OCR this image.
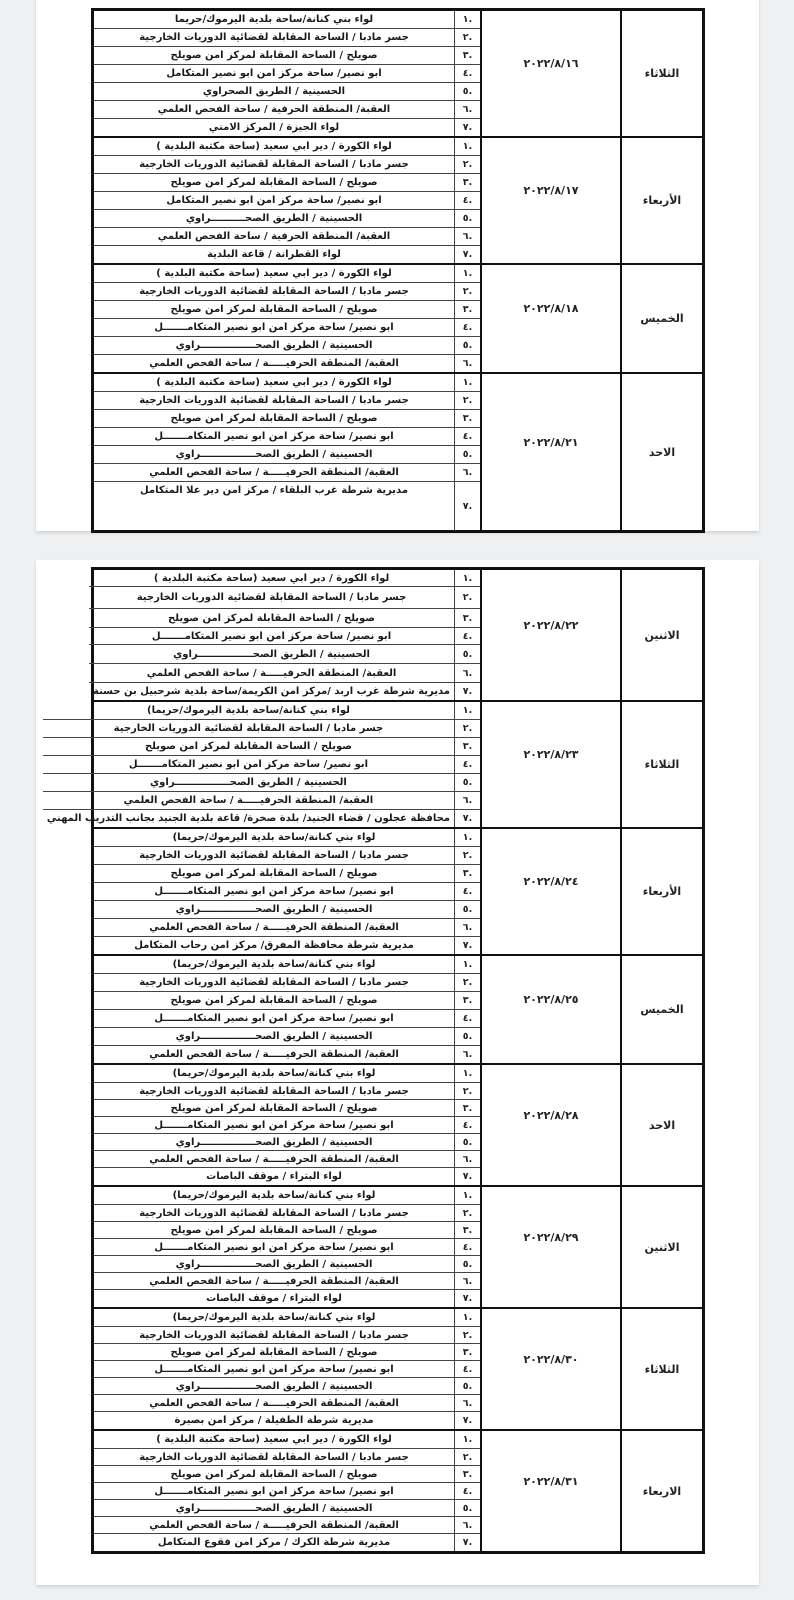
الثلاثاء
٢٠٢٢/٨/١٦
.١
لواء بني كنانة/ساحة بلدية اليرموك/حريما
.٢
جسر مادبا / الساحة المقابلة لقضائية الدوريات الخارجية
.٣
صويلح / الساحة المقابلة لمركز امن صويلح
.٤
ابو نصير/ ساحة مركز امن ابو نصير المتكامل
.٥
الحسينية / الطريق الصحراوي
.٦
العقبة/ المنطقة الحرفية / ساحة الفحص العلمي
.٧
لواء الجيزة / المركز الامني
الأربعاء
٢٠٢٢/٨/١٧
.١
لواء الكورة / دير ابي سعيد (ساحة مكتبة البلدية )
.٢
جسر مادبا / الساحة المقابلة لقضائية الدوريات الخارجية
.٣
صويلح / الساحة المقابلة لمركز امن صويلح
.٤
ابو نصير/ ساحة مركز امن ابو نصير المتكامل
.٥
الحسينية / الطريق الصحــــــــــراوي
.٦
العقبة/ المنطقة الحرفية / ساحة الفحص العلمي
.٧
لواء القطرانة / قاعة البلدية
الخميس
٢٠٢٢/٨/١٨
.١
لواء الكورة / دير ابي سعيد (ساحة مكتبة البلدية )
.٢
جسر مادبا / الساحة المقابلة لقضائية الدوريات الخارجية
.٣
صويلح / الساحة المقابلة لمركز امن صويلح
.٤
ابو نصير/ ساحة مركز امن ابو نصير المتكامـــــــل
.٥
الحسينية / الطريق الصحــــــــــــــــراوي
.٦
العقبة/ المنطقة الحرفيـــــة / ساحة الفحص العلمي
الاحد
٢٠٢٢/٨/٢١
.١
لواء الكورة / دير ابي سعيد (ساحة مكتبة البلدية )
.٢
جسر مادبا / الساحة المقابلة لقضائية الدوريات الخارجية
.٣
صويلح / الساحة المقابلة لمركز امن صويلح
.٤
ابو نصير/ ساحة مركز امن ابو نصير المتكامـــــــل
.٥
الحسينية / الطريق الصحــــــــــــــــراوي
.٦
العقبة/ المنطقة الحرفيـــــة / ساحة الفحص العلمي
.٧
مديرية شرطة غرب البلقاء / مركز امن دير علا المتكامل
الاثنين
٢٠٢٢/٨/٢٢
.١
لواء الكورة / دير ابي سعيد (ساحة مكتبة البلدية )
.٢
جسر مادبا / الساحة المقابلة لقضائية الدوريات الخارجية
.٣
صويلح / الساحة المقابلة لمركز امن صويلح
.٤
ابو نصير/ ساحة مركز امن ابو نصير المتكامـــــــل
.٥
الحسينية / الطريق الصحــــــــــــــــراوي
.٦
العقبة/ المنطقة الحرفيـــــة / ساحة الفحص العلمي
.٧
مديرية شرطة غرب اربد /مركز امن الكريمة/ساحة بلدية شرحبيل بن حسنة
الثلاثاء
٢٠٢٢/٨/٢٣
.١
لواء بني كنانة/ساحة بلدية اليرموك/حريما)
.٢
جسر مادبا / الساحة المقابلة لقضائية الدوريات الخارجية
.٣
صويلح / الساحة المقابلة لمركز امن صويلح
.٤
ابو نصير/ ساحة مركز امن ابو نصير المتكامـــــــل
.٥
الحسينية / الطريق الصحــــــــــــــــراوي
.٦
العقبة/ المنطقة الحرفيـــــة / ساحة الفحص العلمي
.٧
محافظة عجلون / قضاء الجنيد/ بلدة صخرة/ قاعة بلدية الجنيد بجانب التدريب المهني
الأربعاء
٢٠٢٢/٨/٢٤
.١
لواء بني كنانة/ساحة بلدية اليرموك/حريما)
.٢
جسر مادبا / الساحة المقابلة لقضائية الدوريات الخارجية
.٣
صويلح / الساحة المقابلة لمركز امن صويلح
.٤
ابو نصير/ ساحة مركز امن ابو نصير المتكامـــــــل
.٥
الحسينية / الطريق الصحــــــــــــــــراوي
.٦
العقبة/ المنطقة الحرفيـــــة / ساحة الفحص العلمي
.٧
مديرية شرطة محافظة المفرق/ مركز امن رحاب المتكامل
الخميس
٢٠٢٢/٨/٢٥
.١
لواء بني كنانة/ساحة بلدية اليرموك/حريما)
.٢
جسر مادبا / الساحة المقابلة لقضائية الدوريات الخارجية
.٣
صويلح / الساحة المقابلة لمركز امن صويلح
.٤
ابو نصير/ ساحة مركز امن ابو نصير المتكامـــــــل
.٥
الحسينية / الطريق الصحــــــــــــــــراوي
.٦
العقبة/ المنطقة الحرفيـــــة / ساحة الفحص العلمي
الاحد
٢٠٢٢/٨/٢٨
.١
لواء بني كنانة/ساحة بلدية اليرموك/حريما)
.٢
جسر مادبا / الساحة المقابلة لقضائية الدوريات الخارجية
.٣
صويلح / الساحة المقابلة لمركز امن صويلح
.٤
ابو نصير/ ساحة مركز امن ابو نصير المتكامـــــــل
.٥
الحسينية / الطريق الصحــــــــــــــــراوي
.٦
العقبة/ المنطقة الحرفيـــــة / ساحة الفحص العلمي
.٧
لواء البتراء / موقف الباصات
الاثنين
٢٠٢٢/٨/٢٩
.١
لواء بني كنانة/ساحة بلدية اليرموك/حريما)
.٢
جسر مادبا / الساحة المقابلة لقضائية الدوريات الخارجية
.٣
صويلح / الساحة المقابلة لمركز امن صويلح
.٤
ابو نصير/ ساحة مركز امن ابو نصير المتكامـــــــل
.٥
الحسينية / الطريق الصحــــــــــــــــراوي
.٦
العقبة/ المنطقة الحرفيـــــة / ساحة الفحص العلمي
.٧
لواء البتراء / موقف الباصات
الثلاثاء
٢٠٢٢/٨/٣٠
.١
لواء بني كنانة/ساحة بلدية اليرموك/حريما)
.٢
جسر مادبا / الساحة المقابلة لقضائية الدوريات الخارجية
.٣
صويلح / الساحة المقابلة لمركز امن صويلح
.٤
ابو نصير/ ساحة مركز امن ابو نصير المتكامـــــــل
.٥
الحسينية / الطريق الصحــــــــــــــــراوي
.٦
العقبة/ المنطقة الحرفيـــــة / ساحة الفحص العلمي
.٧
مديرية شرطة الطفيلة / مركز امن بصيرة
الاربعاء
٢٠٢٢/٨/٣١
.١
لواء الكورة / دير ابي سعيد (ساحة مكتبة البلدية )
.٢
جسر مادبا / الساحة المقابلة لقضائية الدوريات الخارجية
.٣
صويلح / الساحة المقابلة لمركز امن صويلح
.٤
ابو نصير/ ساحة مركز امن ابو نصير المتكامـــــــل
.٥
الحسينية / الطريق الصحــــــــــــــــراوي
.٦
العقبة/ المنطقة الحرفيـــــة / ساحة الفحص العلمي
.٧
مديرية شرطة الكرك / مركز امن فقوع المتكامل
